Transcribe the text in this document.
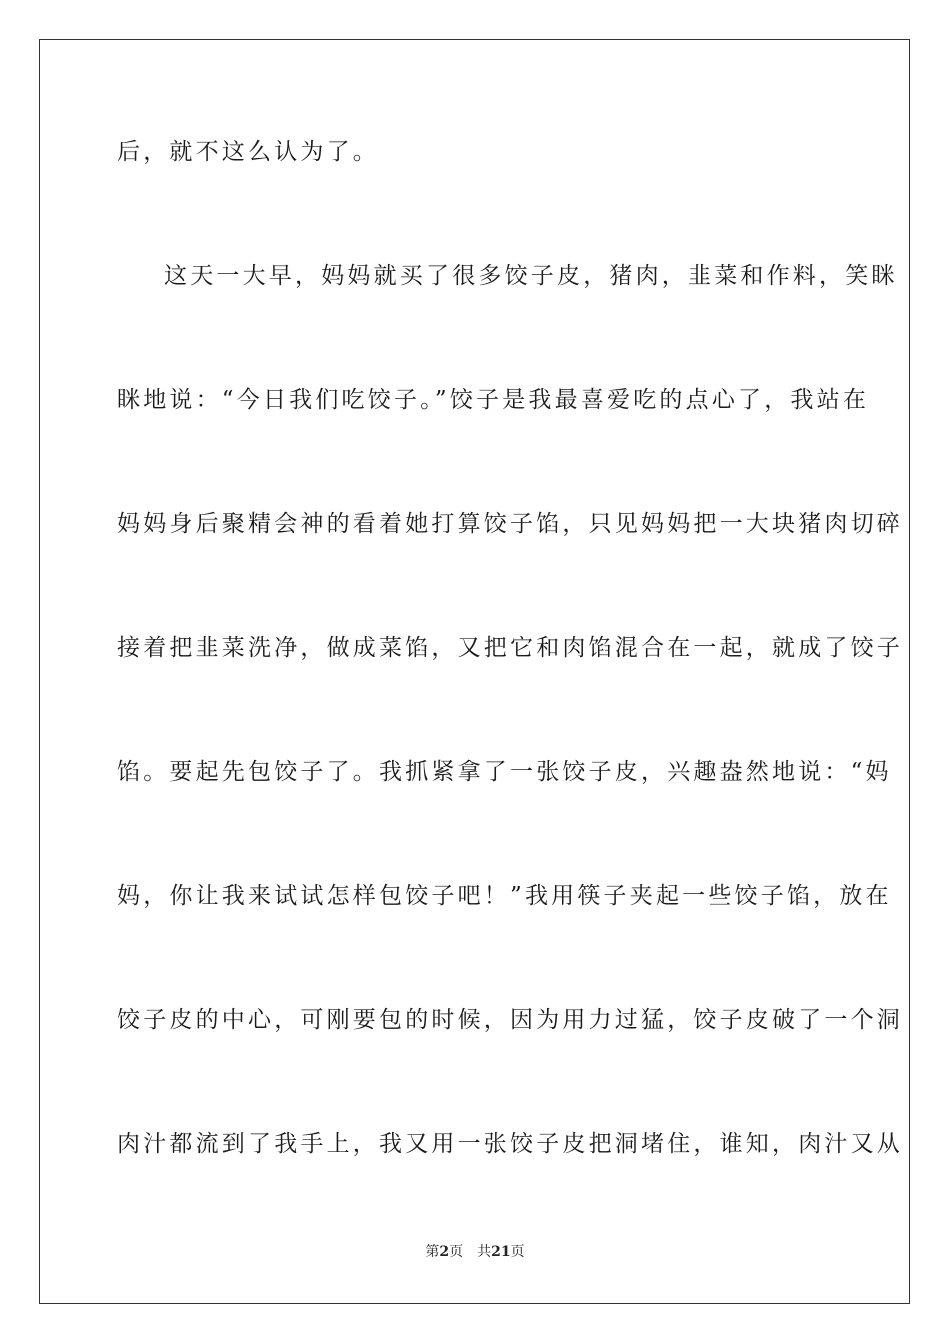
后，就不这么认为了。
这天一大早，妈妈就买了很多饺子皮，猪肉，韭菜和作料，笑眯
眯地说：“今日我们吃饺子。”饺子是我最喜爱吃的点心了，我站在
妈妈身后聚精会神的看着她打算饺子馅，只见妈妈把一大块猪肉切碎
接着把韭菜洗净，做成菜馅，又把它和肉馅混合在一起，就成了饺子
馅。要起先包饺子了。我抓紧拿了一张饺子皮，兴趣盎然地说：“妈
妈，你让我来试试怎样包饺子吧！”我用筷子夹起一些饺子馅，放在
饺子皮的中心，可刚要包的时候，因为用力过猛，饺子皮破了一个洞
肉汁都流到了我手上，我又用一张饺子皮把洞堵住，谁知，肉汁又从
第2页 共21页
